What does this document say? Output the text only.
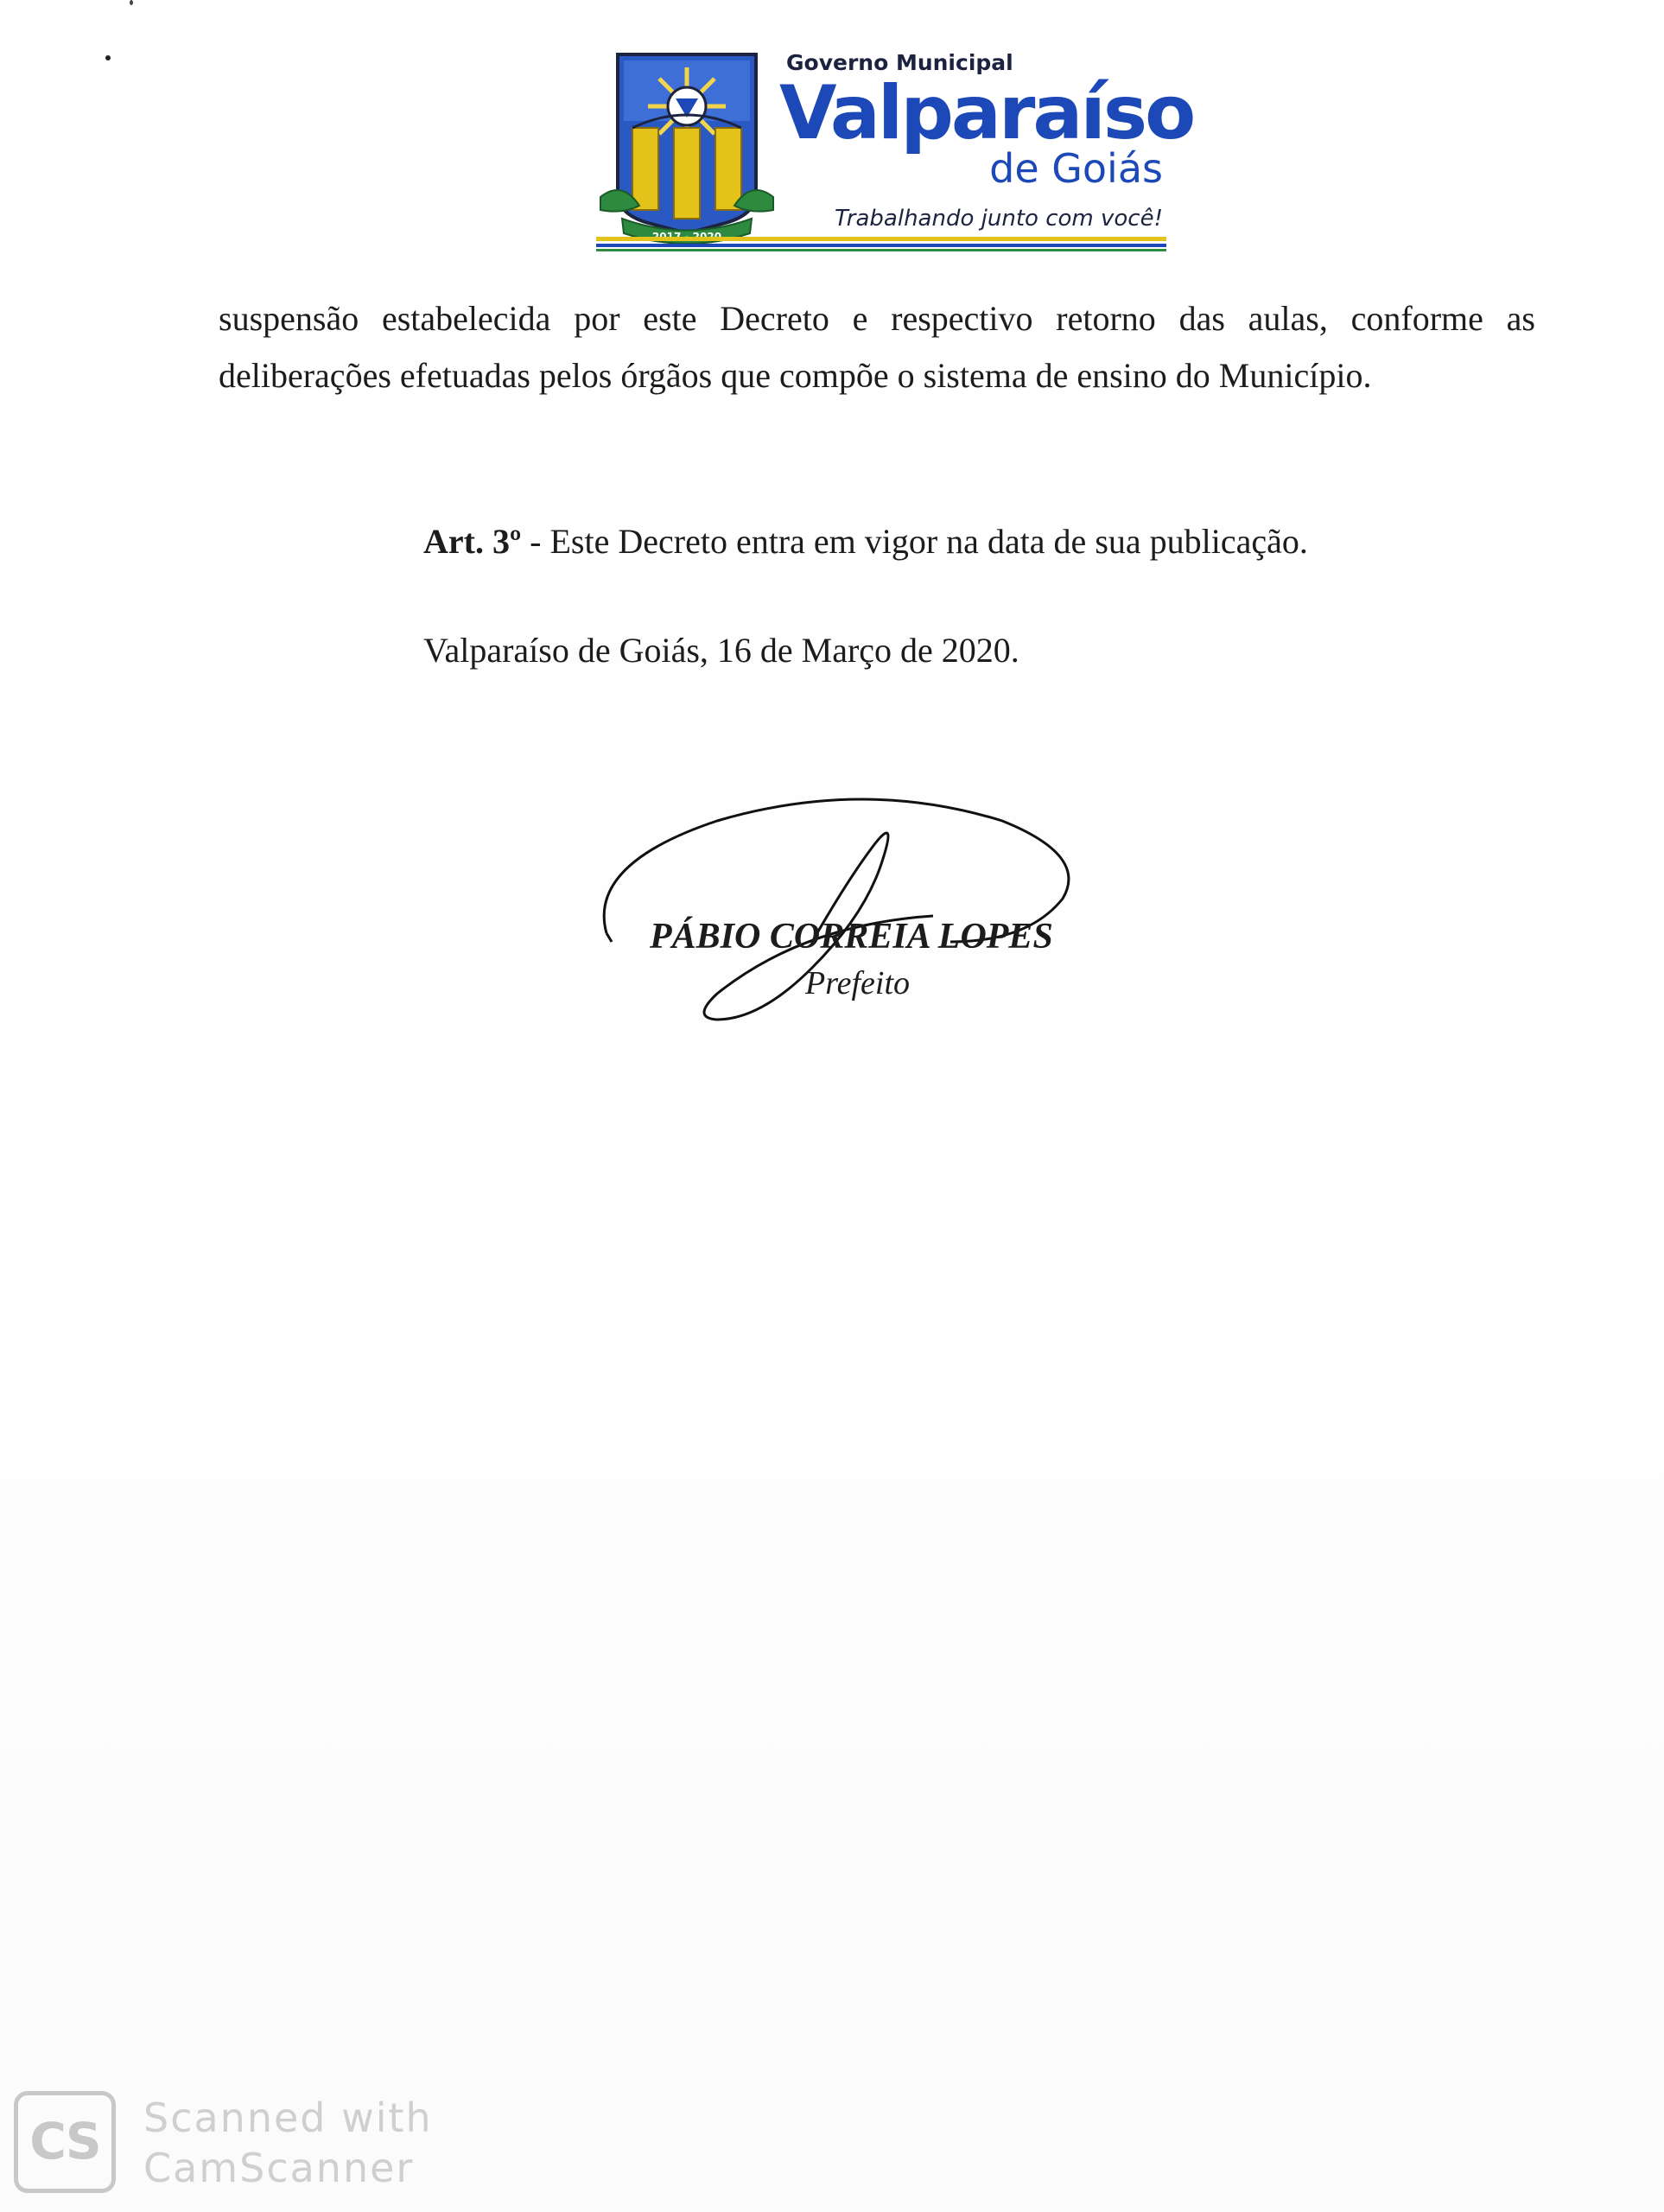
Governo Municipal
Valparaíso
de Goiás
Trabalhando junto com você!
suspensão estabelecida por este Decreto e respectivo retorno das aulas, conforme as deliberações efetuadas pelos órgãos que compõe o sistema de ensino do Município.
Art. 3º - Este Decreto entra em vigor na data de sua publicação.
Valparaíso de Goiás, 16 de Março de 2020.
PÁBIO CORREIA LOPES
Prefeito
CS	Scanned with
CamScanner
